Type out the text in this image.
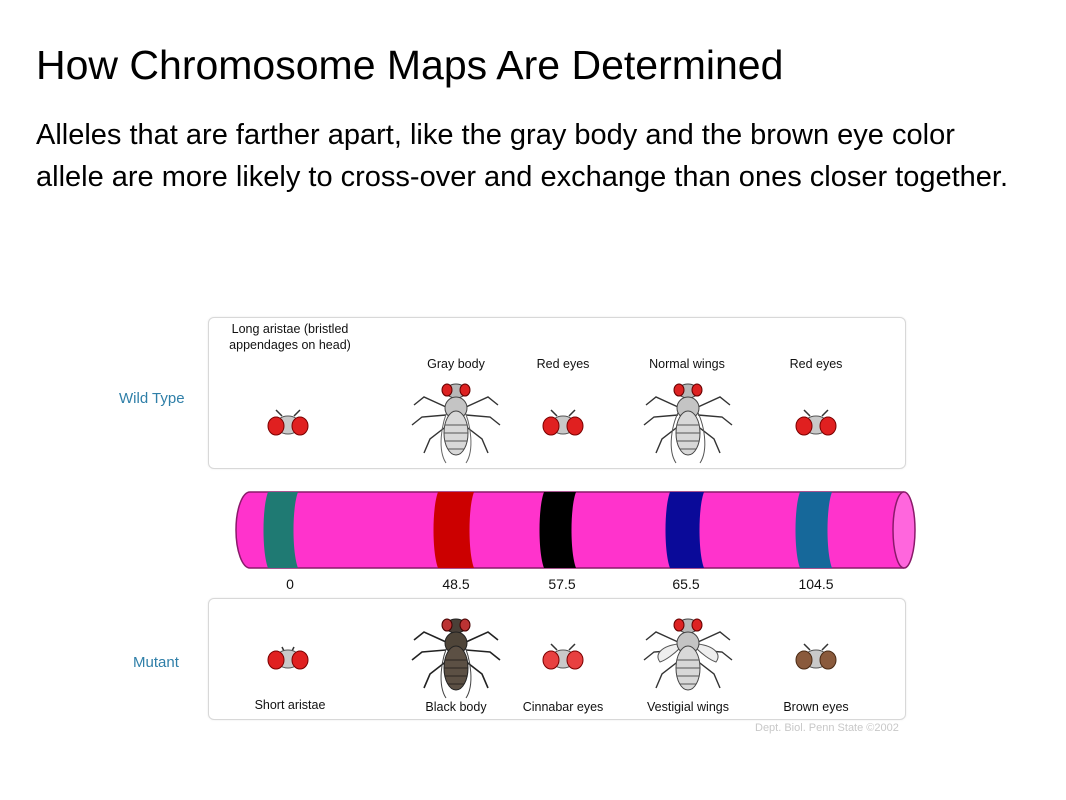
How Chromosome Maps Are Determined
Alleles that are farther apart, like the gray body and the brown eye color allele are more likely to cross-over and exchange than ones closer together.
Wild Type
Long aristae (bristled appendages on head)
Gray body	Red eyes	Normal wings	Red eyes
0	48.5	57.5	65.5	104.5
Mutant
Short aristae	Black body	Cinnabar eyes	Vestigial wings	Brown eyes
Dept. Biol. Penn State ©2002
